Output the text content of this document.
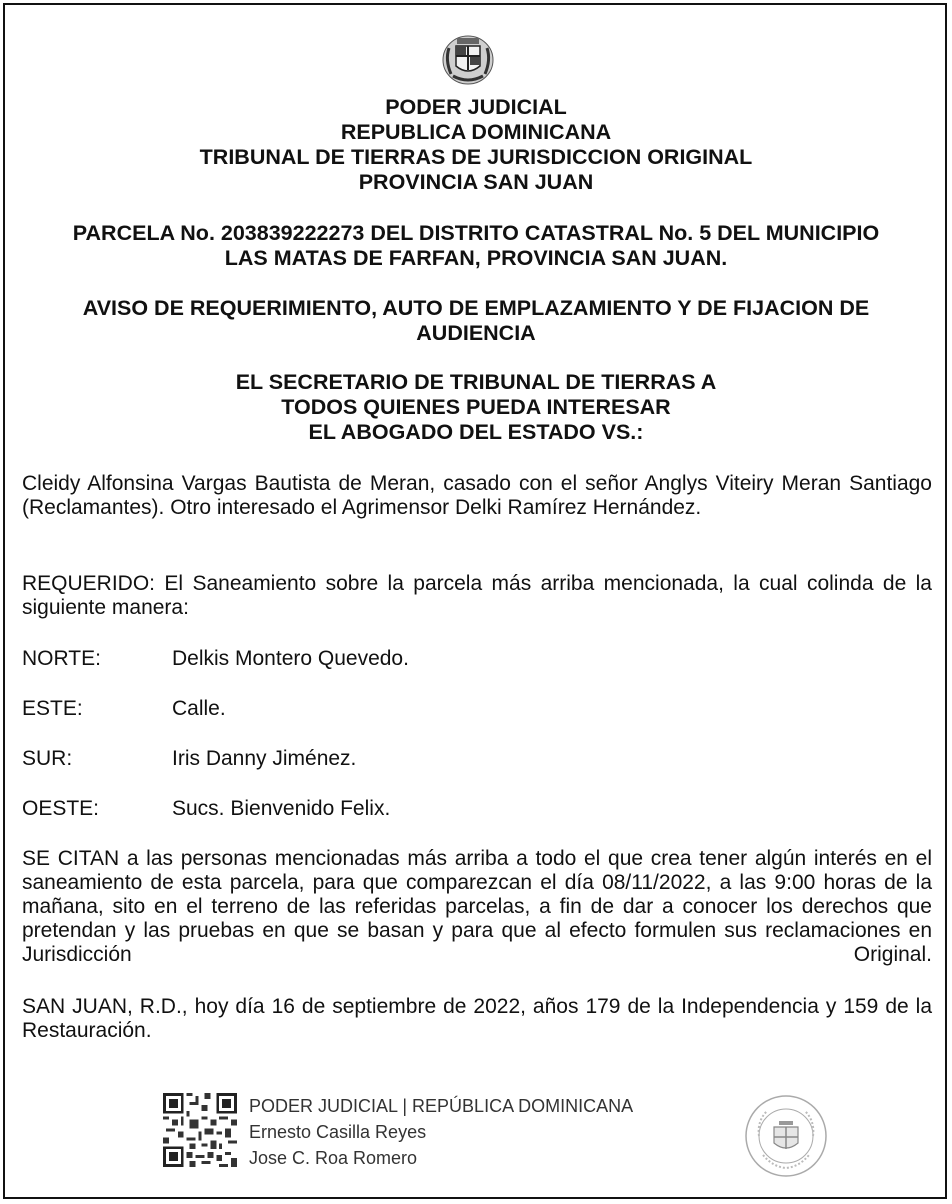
PODER JUDICIAL
REPUBLICA DOMINICANA
TRIBUNAL DE TIERRAS DE JURISDICCION ORIGINAL
PROVINCIA SAN JUAN
PARCELA No. 203839222273 DEL DISTRITO CATASTRAL No. 5 DEL MUNICIPIO
LAS MATAS DE FARFAN, PROVINCIA SAN JUAN.
AVISO DE REQUERIMIENTO, AUTO DE EMPLAZAMIENTO Y DE FIJACION DE
AUDIENCIA
EL SECRETARIO DE TRIBUNAL DE TIERRAS A
TODOS QUIENES PUEDA INTERESAR
EL ABOGADO DEL ESTADO VS.:
Cleidy Alfonsina Vargas Bautista de Meran, casado con el señor Anglys Viteiry Meran Santiago (Reclamantes). Otro interesado el Agrimensor Delki Ramírez Hernández.
REQUERIDO: El Saneamiento sobre la parcela más arriba mencionada, la cual colinda de la siguiente manera:
NORTE:	Delkis Montero Quevedo.
ESTE:	Calle.
SUR:	Iris Danny Jiménez.
OESTE:	Sucs. Bienvenido Felix.
SE CITAN a las personas mencionadas más arriba a todo el que crea tener algún interés en el saneamiento de esta parcela, para que comparezcan el día 08/11/2022, a las 9:00 horas de la mañana, sito en el terreno de las referidas parcelas, a fin de dar a conocer los derechos que pretendan y las pruebas en que se basan y para que al efecto formulen sus reclamaciones en Jurisdicción Original.
SAN JUAN, R.D., hoy día 16 de septiembre de 2022, años 179 de la Independencia y 159 de la Restauración.
PODER JUDICIAL | REPÚBLICA DOMINICANA
Ernesto Casilla Reyes
Jose C. Roa Romero
